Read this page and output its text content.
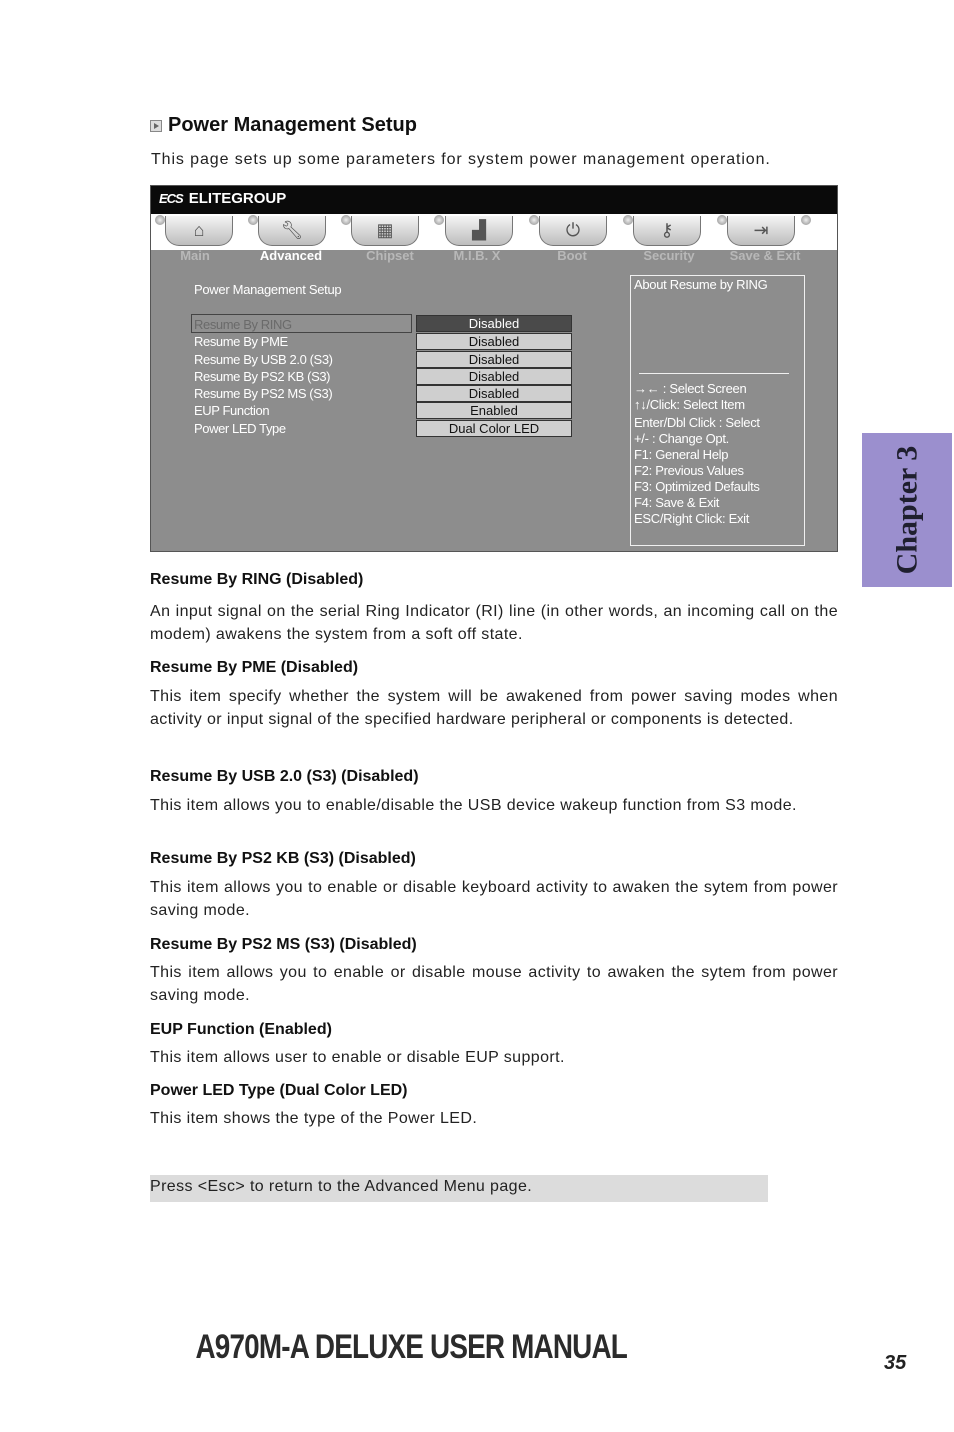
Power Management Setup
This page sets up some parameters for system power management operation.
ECS ELITEGROUP
⌂	🔧︎	▦	▟	⏻	⚷	⇥
Main	Advanced	Chipset	M.I.B. X	Boot	Security	Save & Exit
Power Management Setup
Resume By RING
Resume By PME
Resume By USB 2.0 (S3)
Resume By PS2 KB (S3)
Resume By PS2 MS (S3)
EUP Function
Power LED Type
Disabled
Disabled
Disabled
Disabled
Disabled
Enabled
Dual Color LED
About Resume by RING
→← : Select Screen
↑↓/Click: Select Item
Enter/Dbl Click : Select
+/- : Change Opt.
F1: General Help
F2: Previous Values
F3: Optimized Defaults
F4: Save & Exit
ESC/Right Click: Exit	Chapter 3
Resume By RING (Disabled)
An input signal on the serial Ring Indicator (RI) line (in other words, an incoming call on the modem) awakens the system from a soft off state.
Resume By PME (Disabled)
This item specify whether the system will be awakened from power saving modes when activity or input signal of the specified hardware peripheral or components is detected.
Resume By USB 2.0 (S3) (Disabled)
This item allows you to enable/disable the USB device wakeup function from S3 mode.
Resume By PS2 KB (S3) (Disabled)
This item allows you to enable or disable keyboard activity to awaken the sytem from power saving mode.
Resume By PS2 MS (S3) (Disabled)
This item allows you to enable or disable mouse activity to awaken the sytem from power saving mode.
EUP Function (Enabled)
This item allows user to enable or disable EUP support.
Power LED Type (Dual Color LED)
This item shows the type of the Power LED.
Press <Esc> to return to the Advanced Menu page.
A970M-A DELUXE USER MANUAL	35
